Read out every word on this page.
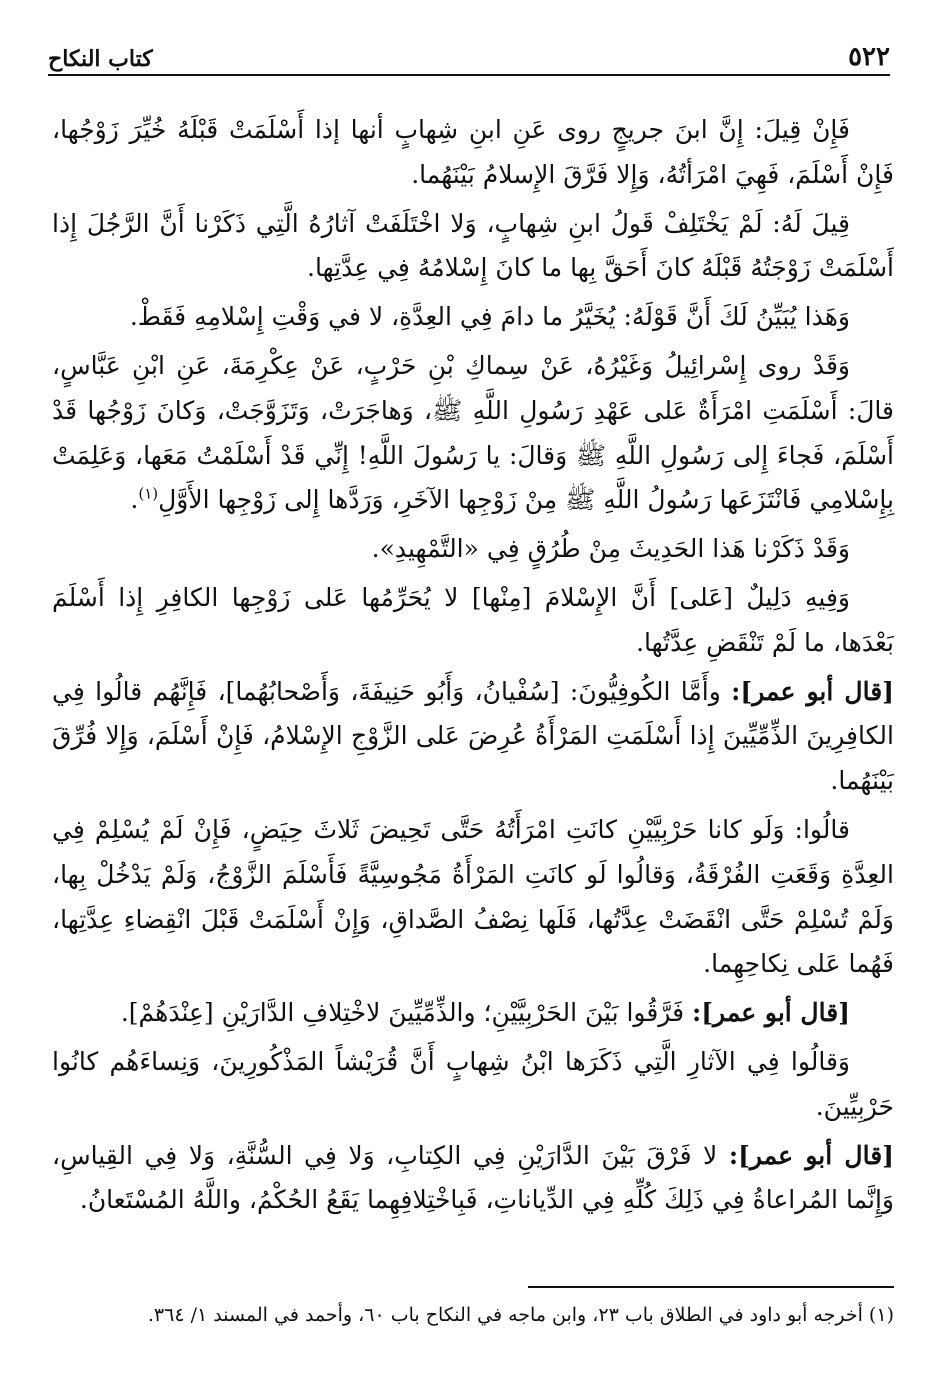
٥٢٢
كتاب النكاح

فَإِنْ قِيلَ: إِنَّ ابنَ جريجٍ روى عَنِ ابنِ شِهابٍ أنها إذا أَسْلَمَتْ قَبْلَهُ خُيِّرَ زَوْجُها، فَإِنْ أَسْلَمَ، فَهِيَ امْرَأتُهُ، وَإِلا فَرَّقَ الإِسلامُ بَيْنَهُما.

قِيلَ لَهُ: لَمْ يَخْتَلِفْ قَولُ ابنِ شِهابٍ، وَلا اخْتَلَفَتْ آثارُهُ الَّتِي ذَكَرْنا أَنَّ الرَّجُلَ إِذا أَسْلَمَتْ زَوْجَتُهُ قَبْلَهُ كانَ أَحَقَّ بِها ما كانَ إِسْلامُهُ فِي عِدَّتِها.

وَهَذا يُبَيِّنُ لَكَ أَنَّ قَوْلَهُ: يُخَيَّرُ ما دامَ فِي العِدَّةِ، لا في وَقْتِ إِسْلامِهِ فَقَطْ.

وَقَدْ روى إِسْرائِيلُ وَغَيْرُهُ، عَنْ سِماكِ بْنِ حَرْبٍ، عَنْ عِكْرِمَةَ، عَنِ ابْنِ عَبَّاسٍ، قالَ: أَسْلَمَتِ امْرَأَةٌ عَلى عَهْدِ رَسُولِ اللَّهِ ﷺ، وَهاجَرَتْ، وَتَزَوَّجَتْ، وَكانَ زَوْجُها قَدْ أَسْلَمَ، فَجاءَ إِلى رَسُولِ اللَّهِ ﷺ وَقالَ: يا رَسُولَ اللَّهِ! إِنِّي قَدْ أَسْلَمْتُ مَعَها، وَعَلِمَتْ بِإِسْلامِي فَانْتَزَعَها رَسُولُ اللَّهِ ﷺ مِنْ زَوْجِها الآخَرِ، وَرَدَّها إِلى زَوْجِها الأَوَّلِ$^{(١)}$.

وَقَدْ ذَكَرْنا هَذا الحَدِيثَ مِنْ طُرُقٍ فِي «التَّمْهِيدِ».

وَفِيهِ دَلِيلٌ [عَلى] أَنَّ الإِسْلامَ [مِنْها] لا يُحَرِّمُها عَلى زَوْجِها الكافِرِ إِذا أَسْلَمَ بَعْدَها، ما لَمْ تَنْقَضِ عِدَّتُها.

[قال أبو عمر]: وأَمَّا الكُوفِيُّونَ: [سُفْيانُ، وَأَبُو حَنِيفَةَ، وَأَصْحابُهُما]، فَإِنَّهُم قالُوا فِي الكافِرِينَ الذِّمِّيِّينَ إِذا أَسْلَمَتِ المَرْأَةُ عُرِضَ عَلى الزَّوْجِ الإِسْلامُ، فَإِنْ أَسْلَمَ، وَإِلا فُرِّقَ بَيْنَهُما.

قالُوا: وَلَو كانا حَرْبِيَّيْنِ كانَتِ امْرَأَتُهُ حَتَّى تَحِيضَ ثَلاثَ حِيَضٍ، فَإِنْ لَمْ يُسْلِمْ فِي العِدَّةِ وَقَعَتِ الفُرْقَةُ، وَقالُوا لَو كانَتِ المَرْأَةُ مَجُوسِيَّةً فَأَسْلَمَ الزَّوْجُ، وَلَمْ يَدْخُلْ بِها، وَلَمْ تُسْلِمْ حَتَّى انْقَضَتْ عِدَّتُها، فَلَها نِصْفُ الصَّداقِ، وَإِنْ أَسْلَمَتْ قَبْلَ انْقِضاءِ عِدَّتِها، فَهُما عَلى نِكاحِهِما.

[قال أبو عمر]: فَرَّقُوا بَيْنَ الحَرْبِيَّيْنِ؛ والذِّمِّيِّينَ لاخْتِلافِ الدَّارَيْنِ [عِنْدَهُمْ].

وَقالُوا فِي الآثارِ الَّتِي ذَكَرَها ابْنُ شِهابٍ أَنَّ قُرَيْشاً المَذْكُورِينَ، وَنِساءَهُم كانُوا حَرْبِيِّينَ.

[قال أبو عمر]: لا فَرْقَ بَيْنَ الدَّارَيْنِ فِي الكِتابِ، وَلا فِي السُّنَّةِ، وَلا فِي القِياسِ، وَإِنَّما المُراعاةُ فِي ذَلِكَ كُلِّهِ فِي الدِّياناتِ، فَبِاخْتِلافِهِما يَقَعُ الحُكْمُ، واللَّهُ المُسْتَعانُ.

(١) أخرجه أبو داود في الطلاق باب ٢٣، وابن ماجه في النكاح باب ٦٠، وأحمد في المسند ١/ ٣٦٤.
